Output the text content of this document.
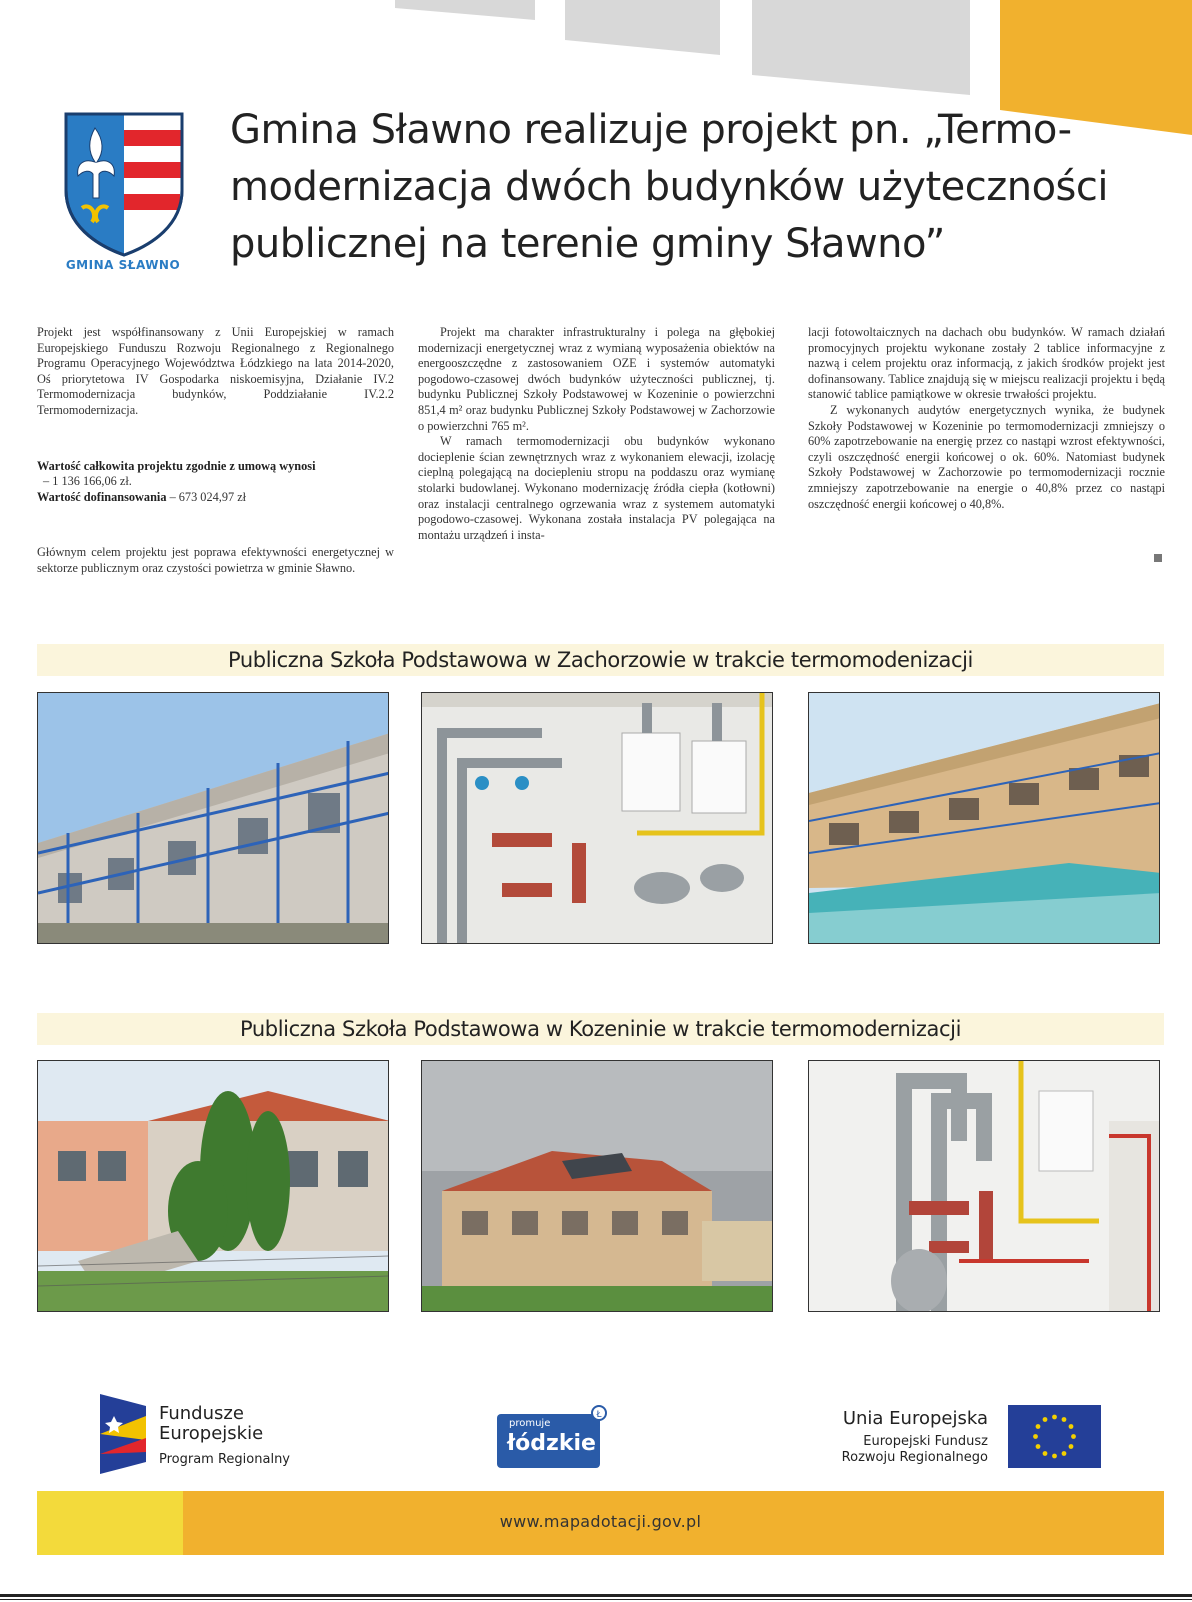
GMINA SŁAWNO
Gmina Sławno realizuje projekt pn. „Termo-
modernizacja dwóch budynków użyteczności
publicznej na terenie gminy Sławno”

Projekt jest współfinansowany z Unii Europejskiej w ramach Europejskiego Funduszu Rozwoju Regionalnego z Regionalnego Programu Operacyjnego Województwa Łódzkiego na lata 2014-2020, Oś priorytetowa IV Gospodarka niskoemisyjna, Działanie IV.2 Termomodernizacja budynków, Poddziałanie IV.2.2 Termomodernizacja.

Wartość całkowita projektu zgodnie z umową wynosi
– 1 136 166,06 zł.
Wartość dofinansowania – 673 024,97 zł

Głównym celem projektu jest poprawa efektywności energetycznej w sektorze publicznym oraz czystości powietrza w gminie Sławno.

Projekt ma charakter infrastrukturalny i polega na głębokiej modernizacji energetycznej wraz z wymianą wyposażenia obiektów na energooszczędne z zastosowaniem OZE i systemów automatyki pogodowo-czasowej dwóch budynków użyteczności publicznej, tj. budynku Publicznej Szkoły Podstawowej w Kozeninie o powierzchni 851,4 m² oraz budynku Publicznej Szkoły Podstawowej w Zachorzowie o powierzchni 765 m².

W ramach termomodernizacji obu budynków wykonano docieplenie ścian zewnętrznych wraz z wykonaniem elewacji, izolację cieplną polegającą na dociepleniu stropu na poddaszu oraz wymianę stolarki budowlanej. Wykonano modernizację źródła ciepła (kotłowni) oraz instalacji centralnego ogrzewania wraz z systemem automatyki pogodowo-czasowej. Wykonana została instalacja PV polegająca na montażu urządzeń i insta-

lacji fotowoltaicznych na dachach obu budynków. W ramach działań promocyjnych projektu wykonane zostały 2 tablice informacyjne z nazwą i celem projektu oraz informacją, z jakich środków projekt jest dofinansowany. Tablice znajdują się w miejscu realizacji projektu i będą stanowić tablice pamiątkowe w okresie trwałości projektu.

Z wykonanych audytów energetycznych wynika, że budynek Szkoły Podstawowej w Kozeninie po termomodernizacji zmniejszy o 60% zapotrzebowanie na energię przez co nastąpi wzrost efektywności, czyli oszczędność energii końcowej o ok. 60%. Natomiast budynek Szkoły Podstawowej w Zachorzowie po termomodernizacji rocznie zmniejszy zapotrzebowanie na energie o 40,8% przez co nastąpi oszczędność energii końcowej o 40,8%.

Publiczna Szkoła Podstawowa w Zachorzowie w trakcie termomodenizacji
Publiczna Szkoła Podstawowa w Kozeninie w trakcie termomodernizacji
Fundusze
Europejskie
Program Regionalny
promuje
łódzkie
Ł	Unia Europejska
Europejski Fundusz
Rozwoju Regionalnego
www.mapadotacji.gov.pl
